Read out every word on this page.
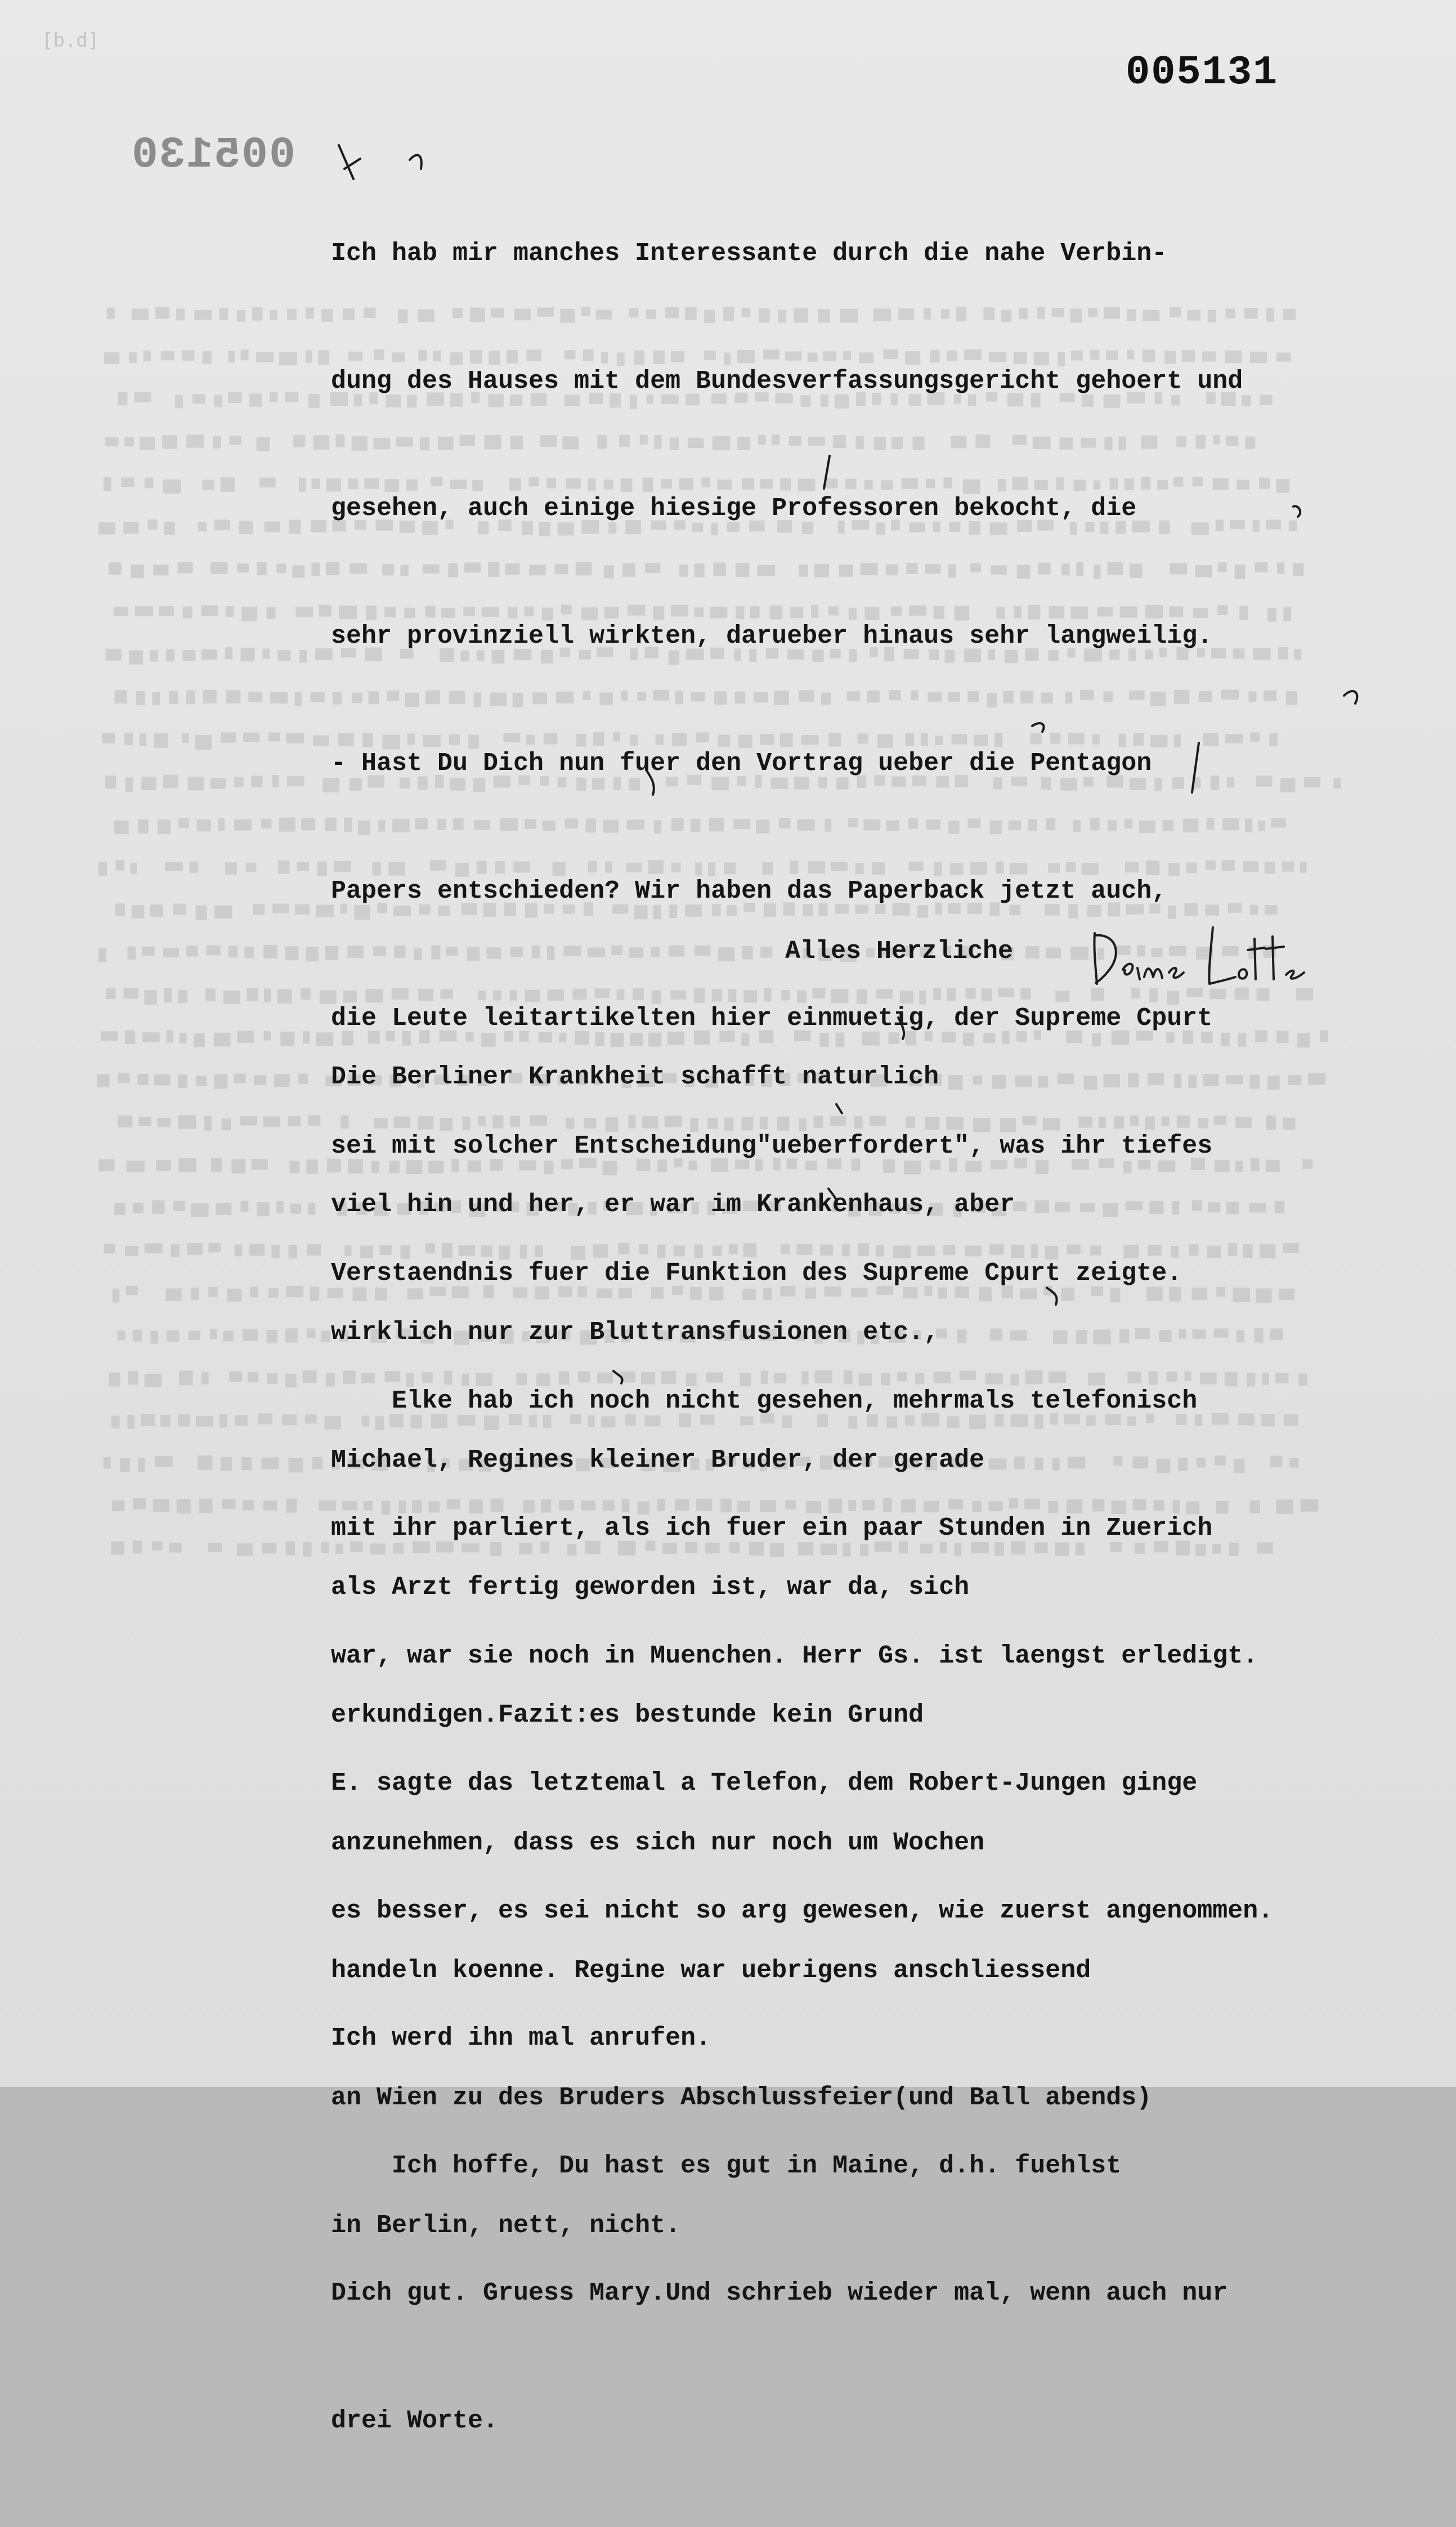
[b.d]
005131
005130

Ich hab mir manches Interessante durch die nahe Verbin-

dung des Hauses mit dem Bundesverfassungsgericht gehoert und

gesehen, auch einige hiesige Professoren bekocht, die

sehr provinziell wirkten, darueber hinaus sehr langweilig.

- Hast Du Dich nun fuer den Vortrag ueber die Pentagon

Papers entschieden? Wir haben das Paperback jetzt auch,

die Leute leitartikelten hier einmuetig, der Supreme Cpurt

sei mit solcher Entscheidung"ueberfordert", was ihr tiefes

Verstaendnis fuer die Funktion des Supreme Cpurt zeigte.

Elke hab ich noch nicht gesehen, mehrmals telefonisch

mit ihr parliert, als ich fuer ein paar Stunden in Zuerich

war, war sie noch in Muenchen. Herr Gs. ist laengst erledigt.

E. sagte das letztemal a Telefon, dem Robert-Jungen ginge

es besser, es sei nicht so arg gewesen, wie zuerst angenommen.

Ich werd ihn mal anrufen.

Ich hoffe, Du hast es gut in Maine, d.h. fuehlst

Dich gut. Gruess Mary.Und schrieb wieder mal, wenn auch nur

drei Worte.

Alles Herzliche

Die Berliner Krankheit schafft naturlich

viel hin und her, er war im Krankenhaus, aber

wirklich nur zur Bluttransfusionen etc.,

Michael, Regines kleiner Bruder, der gerade

als Arzt fertig geworden ist, war da, sich

erkundigen.Fazit:es bestunde kein Grund

anzunehmen, dass es sich nur noch um Wochen

handeln koenne. Regine war uebrigens anschliessend

an Wien zu des Bruders Abschlussfeier(und Ball abends)

in Berlin, nett, nicht.
